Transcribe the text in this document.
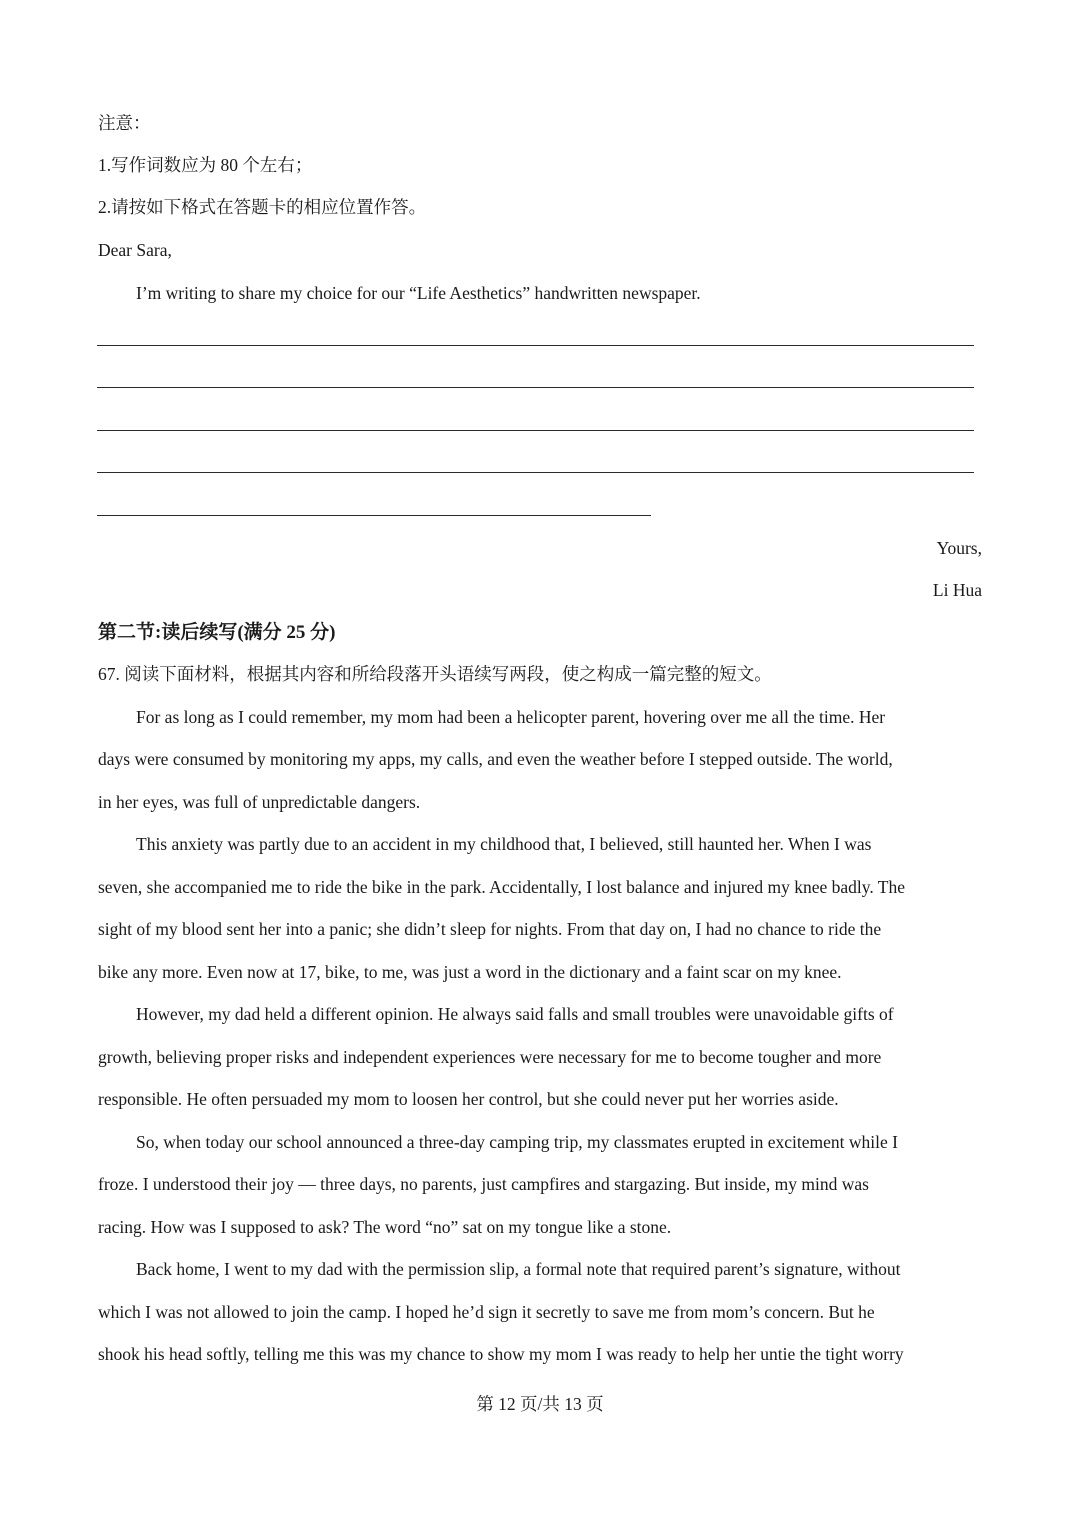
注意：
1.写作词数应为 80 个左右；
2.请按如下格式在答题卡的相应位置作答。
Dear Sara,
I’m writing to share my choice for our “Life Aesthetics” handwritten newspaper.
Yours,
Li Hua
第二节:读后续写(满分 25 分)
67. 阅读下面材料，根据其内容和所给段落开头语续写两段，使之构成一篇完整的短文。
For as long as I could remember, my mom had been a helicopter parent, hovering over me all the time. Her
days were consumed by monitoring my apps, my calls, and even the weather before I stepped outside. The world,
in her eyes, was full of unpredictable dangers.
This anxiety was partly due to an accident in my childhood that, I believed, still haunted her. When I was
seven, she accompanied me to ride the bike in the park. Accidentally, I lost balance and injured my knee badly. The
sight of my blood sent her into a panic; she didn’t sleep for nights. From that day on, I had no chance to ride the
bike any more. Even now at 17, bike, to me, was just a word in the dictionary and a faint scar on my knee.
However, my dad held a different opinion. He always said falls and small troubles were unavoidable gifts of
growth, believing proper risks and independent experiences were necessary for me to become tougher and more
responsible. He often persuaded my mom to loosen her control, but she could never put her worries aside.
So, when today our school announced a three-day camping trip, my classmates erupted in excitement while I
froze. I understood their joy — three days, no parents, just campfires and stargazing. But inside, my mind was
racing. How was I supposed to ask? The word “no” sat on my tongue like a stone.
Back home, I went to my dad with the permission slip, a formal note that required parent’s signature, without
which I was not allowed to join the camp. I hoped he’d sign it secretly to save me from mom’s concern. But he
shook his head softly, telling me this was my chance to show my mom I was ready to help her untie the tight worry
第 12 页/共 13 页
